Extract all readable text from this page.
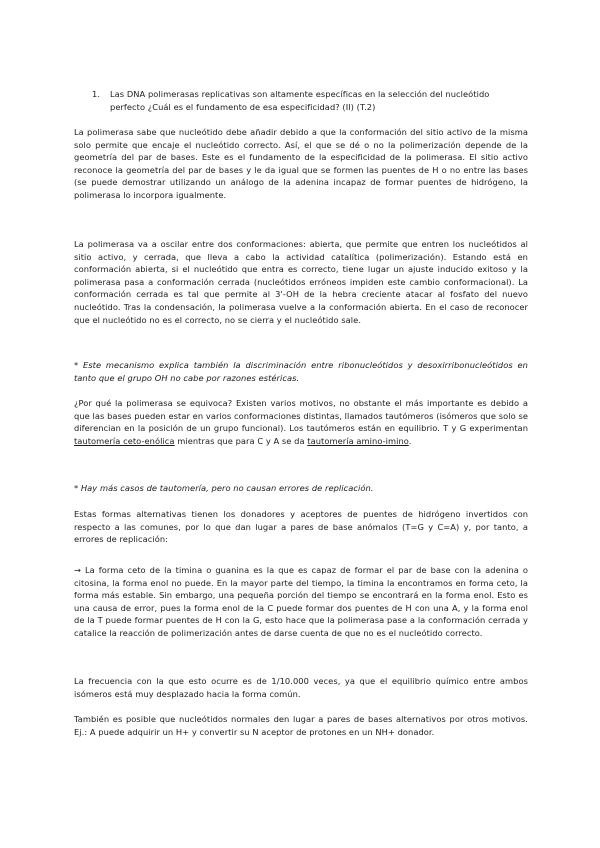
1.	Las DNA polimerasas replicativas son altamente específicas en la selección del nucleótido perfecto ¿Cuál es el fundamento de esa especificidad? (II) (T.2)

La polimerasa sabe que nucleótido debe añadir debido a que la conformación del sitio activo de la misma solo permite que encaje el nucleótido correcto. Así, el que se dé o no la polimerización depende de la geometría del par de bases. Este es el fundamento de la especificidad de la polimerasa. El sitio activo reconoce la geometría del par de bases y le da igual que se formen las puentes de H o no entre las bases (se puede demostrar utilizando un análogo de la adenina incapaz de formar puentes de hidrógeno, la polimerasa lo incorpora igualmente.

La polimerasa va a oscilar entre dos conformaciones: abierta, que permite que entren los nucleótidos al sitio activo, y cerrada, que lleva a cabo la actividad catalítica (polimerización). Estando está en conformación abierta, si el nucleótido que entra es correcto, tiene lugar un ajuste inducido exitoso y la polimerasa pasa a conformación cerrada (nucleótidos erróneos impiden este cambio conformacional). La conformación cerrada es tal que permite al 3'-OH de la hebra creciente atacar al fosfato del nuevo nucleótido. Tras la condensación, la polimerasa vuelve a la conformación abierta. En el caso de reconocer que el nucleótido no es el correcto, no se cierra y el nucleótido sale.

* Este mecanismo explica también la discriminación entre ribonucleótidos y desoxirribonucleótidos en tanto que el grupo OH no cabe por razones estéricas.

¿Por qué la polimerasa se equivoca? Existen varios motivos, no obstante el más importante es debido a que las bases pueden estar en varios conformaciones distintas, llamados tautómeros (isómeros que solo se diferencian en la posición de un grupo funcional). Los tautómeros están en equilibrio. T y G experimentan tautomería ceto-enólica mientras que para C y A se da tautomería amino-imino.

* Hay más casos de tautomería, pero no causan errores de replicación.

Estas formas alternativas tienen los donadores y aceptores de puentes de hidrógeno invertidos con respecto a las comunes, por lo que dan lugar a pares de base anómalos (T=G y C=A) y, por tanto, a errores de replicación:

→ La forma ceto de la timina o guanina es la que es capaz de formar el par de base con la adenina o citosina, la forma enol no puede. En la mayor parte del tiempo, la timina la encontramos en forma ceto, la forma más estable. Sin embargo, una pequeña porción del tiempo se encontrará en la forma enol. Esto es una causa de error, pues la forma enol de la C puede formar dos puentes de H con una A, y la forma enol de la T puede formar puentes de H con la G, esto hace que la polimerasa pase a la conformación cerrada y catalice la reacción de polimerización antes de darse cuenta de que no es el nucleótido correcto.

La frecuencia con la que esto ocurre es de 1/10.000 veces, ya que el equilibrio químico entre ambos isómeros está muy desplazado hacia la forma común.

También es posible que nucleótidos normales den lugar a pares de bases alternativos por otros motivos. Ej.: A puede adquirir un H+ y convertir su N aceptor de protones en un NH+ donador.
